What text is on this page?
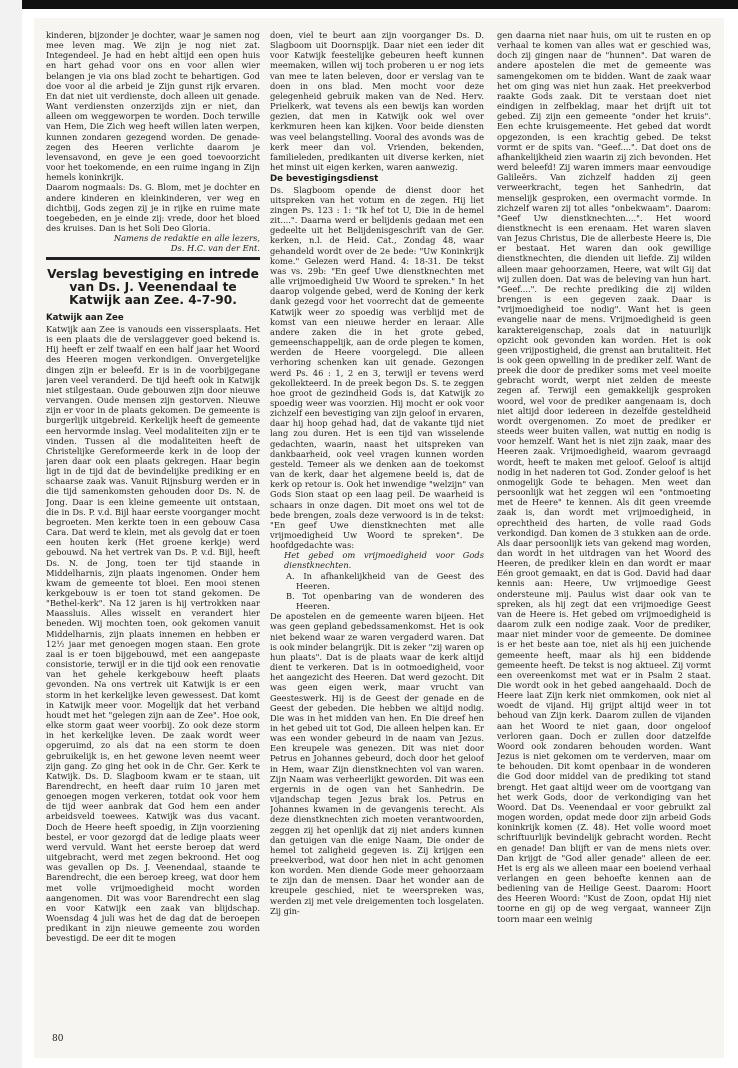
kinderen, bijzonder je dochter, waar je samen nog mee leven mag. We zijn je nog niet zat. Integendeel. Je had en hebt altijd een open huis en hart gehad voor ons en voor allen wier belangen je via ons blad zocht te behartigen. God doe voor al die arbeid je Zijn gunst rijk ervaren. En dat niet uit verdienste, doch alleen uit genade. Want verdiensten onzerzijds zijn er niet, dan alleen om weggeworpen te worden. Doch terwille van Hem, Die Zich weg heeft willen laten werpen, kunnen zondaren gezegend worden. De genade-zegen des Heeren verlichte daarom je levensavond, en geve je een goed toevoorzicht voor het toekomende, en een ruime ingang in Zijn hemels koninkrijk.

Daarom nogmaals: Ds. G. Blom, met je dochter en andere kinderen en kleinkinderen, ver weg en dichtbij, Gods zegen zij je in rijke en ruime mate toegebeden, en je einde zij: vrede, door het bloed des kruises. Dan is het Soli Deo Gloria.

Namens de redaktie en alle lezers,

Ds. H.C. van der Ent.

Verslag bevestiging en intrede van Ds. J. Veenendaal te Katwijk aan Zee. 4-7-90.
Katwijk aan Zee

Katwijk aan Zee is vanouds een vissersplaats. Het is een plaats die de verslaggever goed bekend is. Hij heeft er zelf twaalf en een half jaar het Woord des Heeren mogen verkondigen. Onvergetelijke dingen zijn er beleefd. Er is in de voorbijgegane jaren veel veranderd. De tijd heeft ook in Katwijk niet stilgestaan. Oude gebouwen zijn door nieuwe vervangen. Oude mensen zijn gestorven. Nieuwe zijn er voor in de plaats gekomen. De gemeente is burgerlijk uitgebreid. Kerkelijk heeft de gemeente een hervormde inslag. Veel modaliteiten zijn er te vinden. Tussen al die modaliteiten heeft de Christelijke Gereformeerde kerk in de loop der jaren daar ook een plaats gekregen. Haar begin ligt in de tijd dat de bevindelijke prediking er en schaarse zaak was. Vanuit Rijnsburg werden er in die tijd samenkomsten gehouden door Ds. N. de Jong. Daar is een kleine gemeente uit ontstaan, die in Ds. P. v.d. Bijl haar eerste voorganger mocht begroeten. Men kerkte toen in een gebouw Casa Cara. Dat werd te klein, met als gevolg dat er toen een houten kerk (Het groene kerkje) werd gebouwd. Na het vertrek van Ds. P. v.d. Bijl, heeft Ds. N. de Jong, toen ter tijd staande in Middelharnis, zijn plaats ingenomen. Onder hem kwam de gemeente tot bloei. Een mooi stenen kerkgebouw is er toen tot stand gekomen. De "Bethel-kerk". Na 12 jaren is hij vertrokken naar Maassluis. Alles wisselt en verandert hier beneden. Wij mochten toen, ook gekomen vanuit Middelharnis, zijn plaats innemen en hebben er 12½ jaar met genoegen mogen staan. Een grote zaal is er toen bijgebouwd, met een aangepaste consistorie, terwijl er in die tijd ook een renovatie van het gehele kerkgebouw heeft plaats gevonden. Na ons vertrek uit Katwijk is er een storm in het kerkelijke leven gewessest. Dat komt in Katwijk meer voor. Mogelijk dat het verband houdt met het "gelegen zijn aan de Zee". Hoe ook, elke storm gaat weer voorbij. Zo ook deze storm in het kerkelijke leven. De zaak wordt weer opgeruimd, zo als dat na een storm te doen gebruikelijk is, en het gewone leven neemt weer zijn gang. Zo ging het ook in de Chr. Ger. Kerk te Katwijk. Ds. D. Slagboom kwam er te staan, uit Barendrecht, en heeft daar ruim 10 jaren met genoegen mogen verkeren, totdat ook voor hem de tijd weer aanbrak dat God hem een ander arbeidsveld toewees. Katwijk was dus vacant. Doch de Heere heeft spoedig, in Zijn voorziening bestel, er voor gezorgd dat de ledige plaats weer werd vervuld. Want het eerste beroep dat werd uitgebracht, werd met zegen bekroond. Het oog was gevallen op Ds. J. Veenendaal, staande te Barendrecht, die een beroep kreeg, wat door hem met volle vrijmoedigheid mocht worden aangenomen. Dit was voor Barendrecht een slag en voor Katwijk een zaak van blijdschap. Woensdag 4 juli was het de dag dat de beroepen predikant in zijn nieuwe gemeente zou worden bevestigd. De eer dit te mogen

doen, viel te beurt aan zijn voorganger Ds. D. Slagboom uit Doornspijk. Daar niet een ieder dit voor Katwijk feestelijke gebeuren heeft kunnen meemaken, willen wij toch proberen u er nog iets van mee te laten beleven, door er verslag van te doen in ons blad. Men mocht voor deze gelegenheid gebruik maken van de Ned. Herv. Prielkerk, wat tevens als een bewijs kan worden gezien, dat men in Katwijk ook wel over kerkmuren heen kan kijken. Voor beide diensten was veel belangstelling. Vooral des avonds was de kerk meer dan vol. Vrienden, bekenden, familieleden, predikanten uit diverse kerken, niet het minst uit eigen kerken, waren aanwezig.

De bevestigingsdienst

Ds. Slagboom opende de dienst door het uitspreken van het votum en de zegen. Hij liet zingen Ps. 123 : 1: "Ik hef tot U, Die in de hemel zit....". Daarna werd er belijdenis gedaan met een gedeelte uit het Belijdenisgeschrift van de Ger. kerken, n.l. de Heid. Cat., Zondag 48, waar gehandeld wordt over de 2e bede: "Uw Koninkrijk kome." Gelezen werd Hand. 4: 18-31. De tekst was vs. 29b: "En geef Uwe dienstknechten met alle vrijmoedigheid Uw Woord te spreken." In het daarop volgende gebed, werd de Koning der kerk dank gezegd voor het voorrecht dat de gemeente Katwijk weer zo spoedig was verblijd met de komst van een nieuwe herder en leraar. Alle andere zaken die in het grote gebed, gemeenschappelijk, aan de orde plegen te komen, werden de Heere voorgelegd. Die alleen verhoring schenken kan uit genade. Gezongen werd Ps. 46 : 1, 2 en 3, terwijl er tevens werd gekollekteerd. In de preek begon Ds. S. te zeggen hoe groot de gezindheid Gods is, dat Katwijk zo spoedig weer was voorzien. Hij mocht er ook voor zichzelf een bevestiging van zijn geloof in ervaren, daar hij hoop gehad had, dat de vakante tijd niet lang zou duren. Het is een tijd van wisselende gedachten, waarin, naast het uitspreken van dankbaarheid, ook veel vragen kunnen worden gesteld. Temeer als we denken aan de toekomst van de kerk, daar het algemene beeld is, dat de kerk op retour is. Ook het inwendige "welzijn" van Gods Sion staat op een laag peil. De waarheid is schaars in onze dagen. Dit moet ons wel tot de bede brengen, zoals deze verwoord is in de tekst: "En geef Uwe dienstknechten met alle vrijmoedigheid Uw Woord te spreken". De hoofdgedachte was:

Het gebed om vrijmoedigheid voor Gods dienstknechten.

A. In afhankelijkheid van de Geest des Heeren.

B. Tot openbaring van de wonderen des Heeren.

De apostelen en de gemeente waren bijeen. Het was geen gepland gebedssamenkomst. Het is ook niet bekend waar ze waren vergaderd waren. Dat is ook minder belangrijk. Dit is zeker "zij waren op hun plaats". Dat is de plaats waar de kerk altijd dient te verkeren. Dat is in ootmoedigheid, voor het aangezicht des Heeren. Dat werd gezocht. Dit was geen eigen werk, maar vrucht van Geesteswerk. Hij is de Geest der genade en de Geest der gebeden. Die hebben we altijd nodig. Die was in het midden van hen. En Die dreef hen in het gebed uit tot God, Die alleen helpen kan. Er was een wonder gebeurd in de naam van Jezus. Een kreupele was genezen. Dit was niet door Petrus en Johannes gebeurd, doch door het geloof in Hem, waar Zijn dienstknechten vol van waren. Zijn Naam was verheerlijkt geworden. Dit was een ergernis in de ogen van het Sanhedrin. De vijandschap tegen Jezus brak los. Petrus en Johannes kwamen in de gevangenis terecht. Als deze dienstknechten zich moeten verantwoorden, zeggen zij het openlijk dat zij niet anders kunnen dan getuigen van die enige Naam, Die onder de hemel tot zaligheid gegeven is. Zij krijgen een preekverbod, wat door hen niet in acht genomen kon worden. Men diende Gode meer gehoorzaam te zijn dan de mensen. Daar het wonder aan de kreupele geschied, niet te weerspreken was, werden zij met vele dreigementen toch losgelaten. Zij gin-

gen daarna niet naar huis, om uit te rusten en op verhaal te komen van alles wat er geschied was, doch zij gingen naar de "hunnen". Dat waren de andere apostelen die met de gemeente was samengekomen om te bidden. Want de zaak waar het om ging was niet hun zaak. Het preekverbod raakte Gods zaak. Dit te verstaan doet niet eindigen in zelfbeklag, maar het drijft uit tot gebed. Zij zijn een gemeente "onder het kruis". Een echte kruisgemeente. Het gebed dat wordt opgezonden, is een krachtig gebed. De tekst vormt er de spits van. "Geef....". Dat doet ons de afhankelijkheid zien waarin zij zich bevonden. Het werd beleefd! Zij waren immers maar eenvoudige Galileërs. Van zichzelf hadden zij geen verweerkracht, tegen het Sanhedrin, dat menselijk gesproken, een overmacht vormde. In zichzelf waren zij tot alles "onbekwaam". Daarom: "Geef Uw dienstknechten....". Het woord dienstknecht is een erenaam. Het waren slaven van Jezus Christus, Die de allerbeste Heere is, Die er bestaat. Het waren dan ook gewillige dienstknechten, die dienden uit liefde. Zij wilden alleen maar gehoorzamen, Heere, wat wilt Gij dat wij zullen doen. Dat was de beleving van hun hart. "Geef....". De rechte prediking die zij wilden brengen is een gegeven zaak. Daar is "vrijmoedigheid toe nodig". Want het is geen evangelie naar de mens. Vrijmoedigheid is geen karaktereigenschap, zoals dat in natuurlijk opzicht ook gevonden kan worden. Het is ook geen vrijpostigheid, die grenst aan brutaliteit. Het is ook geen opwelling in de prediker zelf. Want de preek die door de prediker soms met veel moeite gebracht wordt, werpt niet zelden de meeste zegen af. Terwijl een gemakkelijk gesproken woord, wel voor de prediker aangenaam is, doch niet altijd door iedereen in dezelfde gesteldheid wordt overgenomen. Zo moet de prediker er steeds weer buiten vallen, wat nuttig en nodig is voor hemzelf. Want het is niet zijn zaak, maar des Heeren zaak. Vrijmoedigheid, waarom gevraagd wordt, heeft te maken met geloof. Geloof is altijd nodig in het naderen tot God. Zonder geloof is het onmogelijk Gode te behagen. Men weet dan persoonlijk wat het zeggen wil een "ontmoeting met de Heere" te kennen. Als dit geen vreemde zaak is, dan wordt met vrijmoedigheid, in oprechtheid des harten, de volle raad Gods verkondigd. Dan komen de 3 stukken aan de orde. Als daar persoonlijk iets van gekend mag worden, dan wordt in het uitdragen van het Woord des Heeren, de prediker klein en dan wordt er maar Eén groot gemaakt, en dat is God. David had daar kennis aan: Heere, Uw vrijmoedige Geest ondersteune mij. Paulus wist daar ook van te spreken, als hij zegt dat een vrijmoedige Geest van de Heere is. Het gebed om vrijmoedigheid is daarom zulk een nodige zaak. Voor de prediker, maar niet minder voor de gemeente. De dominee is er het beste aan toe, niet als hij een juichende gemeente heeft, maar als hij een biddende gemeente heeft. De tekst is nog aktueel. Zij vormt een overeenkomst met wat er in Psalm 2 staat. Die wordt ook in het gebed aangehaald. Doch de Heere laat Zijn kerk niet ommkomen, ook niet al woedt de vijand. Hij grijpt altijd weer in tot behoud van Zijn kerk. Daarom zullen de vijanden aan het Woord te niet gaan, door ongeloof verloren gaan. Doch er zullen door datzelfde Woord ook zondaren behouden worden. Want Jezus is niet gekomen om te verderven, maar om te behouden. Dit komt openbaar in de wonderen die God door middel van de prediking tot stand brengt. Het gaat altijd weer om de voortgang van het werk Gods, door de verkondiging van het Woord. Dat Ds. Veenendaal er voor gebruikt zal mogen worden, opdat mede door zijn arbeid Gods koninkrijk komen (Z. 48). Het volle woord moet schriftuurlijk bevindelijk gebracht worden. Recht en genade! Dan blijft er van de mens niets over. Dan krijgt de "God aller genade" alleen de eer. Het is erg als we alleen maar een boeiend verhaal verlangen en geen behoefte kennen aan de bediening van de Heilige Geest. Daarom: Hoort des Heeren Woord: "Kust de Zoon, opdat Hij niet toorne en gij op de weg vergaat, wanneer Zijn toorn maar een weinig

80
